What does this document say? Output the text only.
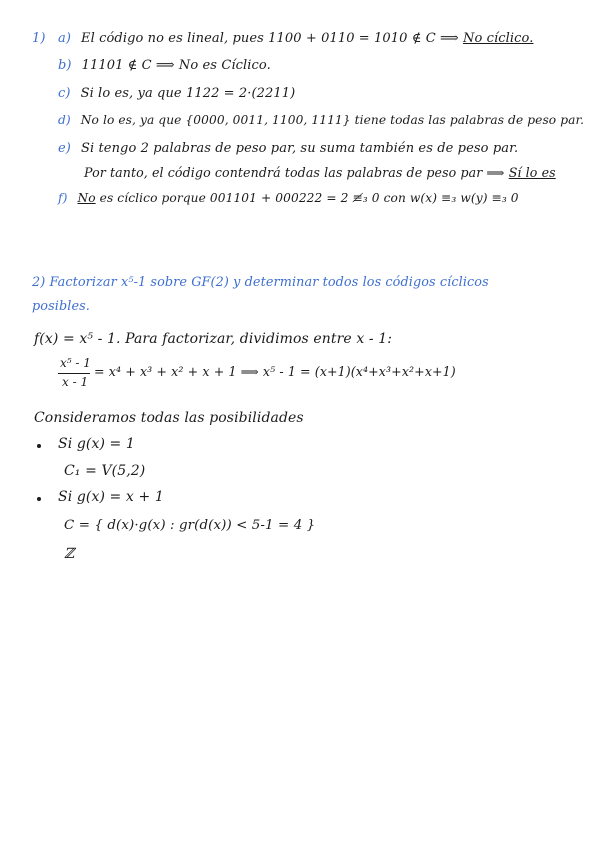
1) a) El código no es lineal, pues 1100 + 0110 = 1010 ∉ C ⟹ No cíclico.
b) 11101 ∉ C ⟹ No es Cíclico.
c) Si lo es, ya que 1122 = 2·(2211)
d) No lo es, ya que {0000, 0011, 1100, 1111} tiene todas las palabras de peso par.
e) Si tengo 2 palabras de peso par, su suma también es de peso par.
Por tanto, el código contendrá todas las palabras de peso par ⟹ Sí lo es
f) No es cíclico porque 001101 + 000222 = 2 ≢₃ 0 con w(x) ≡₃ w(y) ≡₃ 0
2) Factorizar x⁵-1 sobre GF(2) y determinar todos los códigos cíclicos
posibles.
f(x) = x⁵ - 1. Para factorizar, dividimos entre x - 1:
x⁵ - 1
x - 1
= x⁴ + x³ + x² + x + 1 ⟹ x⁵ - 1 = (x+1)(x⁴+x³+x²+x+1)
Consideramos todas las posibilidades
Si g(x) = 1
C₁ = V(5,2)
Si g(x) = x + 1
C = { d(x)·g(x) : gr(d(x)) < 5-1 = 4 }
ℤ
